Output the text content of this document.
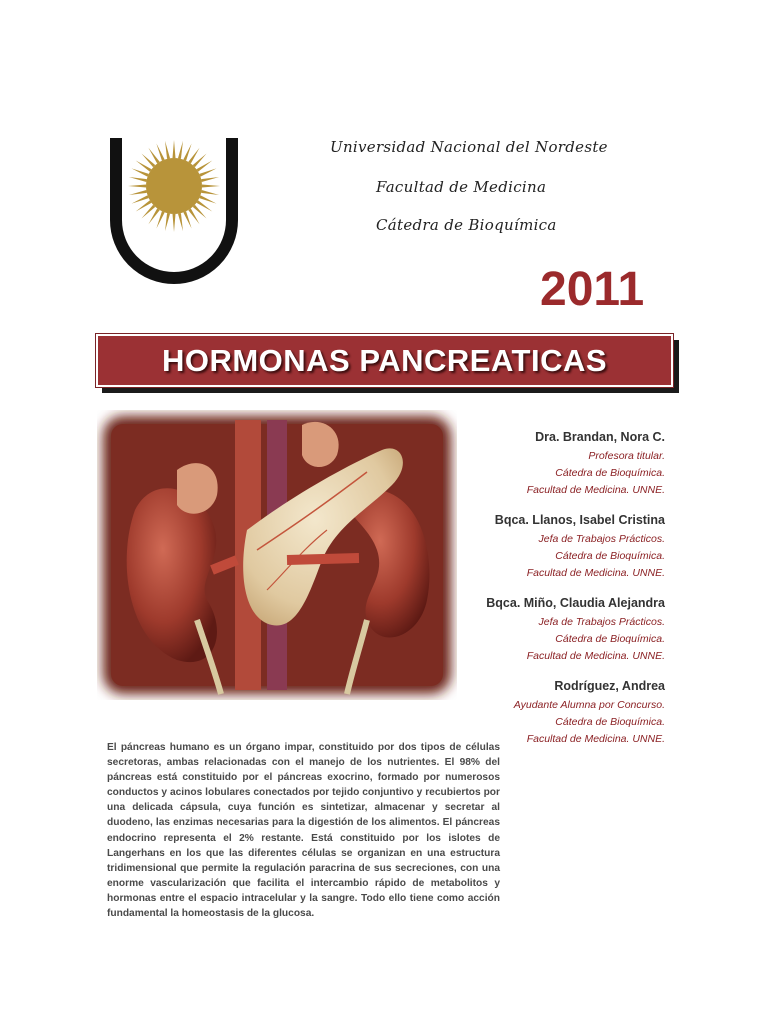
Universidad Nacional del Nordeste
Facultad de Medicina
Cátedra de Bioquímica
2011
HORMONAS PANCREATICAS
Dra. Brandan, Nora C.
Profesora titular.
Cátedra de Bioquímica.
Facultad de Medicina. UNNE.
Bqca. Llanos, Isabel Cristina
Jefa de Trabajos Prácticos.
Cátedra de Bioquímica.
Facultad de Medicina. UNNE.
Bqca. Miño, Claudia Alejandra
Jefa de Trabajos Prácticos.
Cátedra de Bioquímica.
Facultad de Medicina. UNNE.
Rodríguez, Andrea
Ayudante Alumna por Concurso.
Cátedra de Bioquímica.
Facultad de Medicina. UNNE.

El páncreas humano es un órgano impar, constituido por dos tipos de células secretoras, ambas relacionadas con el manejo de los nutrientes. El 98% del páncreas está constituido por el páncreas exocrino, formado por numerosos conductos y acinos lobulares conectados por tejido conjuntivo y recubiertos por una delicada cápsula, cuya función es sintetizar, almacenar y secretar al duodeno, las enzimas necesarias para la digestión de los alimentos. El páncreas endocrino representa el 2% restante. Está constituido por los islotes de Langerhans en los que las diferentes células se organizan en una estructura tridimensional que permite la regulación paracrina de sus secreciones, con una enorme vascularización que facilita el intercambio rápido de metabolitos y hormonas entre el espacio intracelular y la sangre. Todo ello tiene como acción fundamental la homeostasis de la glucosa.
